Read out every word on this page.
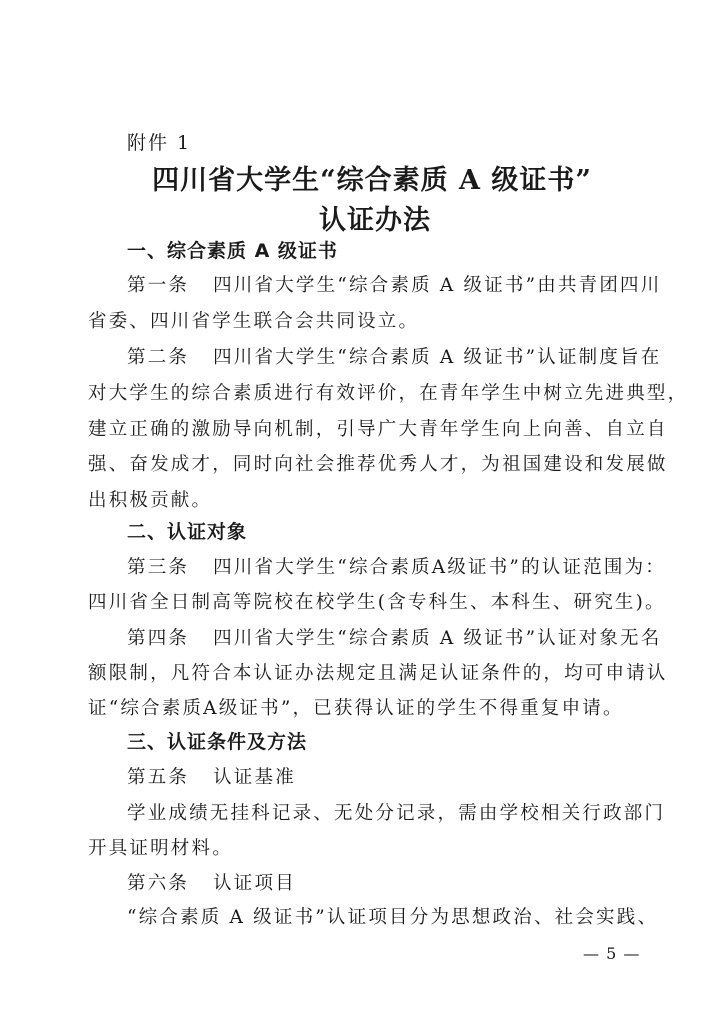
附件 1
四川省大学生“综合素质 A 级证书”
认证办法
一、综合素质 A 级证书
第一条 四川省大学生“综合素质 A 级证书”由共青团四川
省委、四川省学生联合会共同设立。
第二条 四川省大学生“综合素质 A 级证书”认证制度旨在
对大学生的综合素质进行有效评价，在青年学生中树立先进典型，
建立正确的激励导向机制，引导广大青年学生向上向善、自立自
强、奋发成才，同时向社会推荐优秀人才，为祖国建设和发展做
出积极贡献。
二、认证对象
第三条 四川省大学生“综合素质A级证书”的认证范围为：
四川省全日制高等院校在校学生(含专科生、本科生、研究生)。
第四条 四川省大学生“综合素质 A 级证书”认证对象无名
额限制，凡符合本认证办法规定且满足认证条件的，均可申请认
证“综合素质A级证书”，已获得认证的学生不得重复申请。
三、认证条件及方法
第五条 认证基准
学业成绩无挂科记录、无处分记录，需由学校相关行政部门
开具证明材料。
第六条 认证项目
“综合素质 A 级证书”认证项目分为思想政治、社会实践、
— 5 —
